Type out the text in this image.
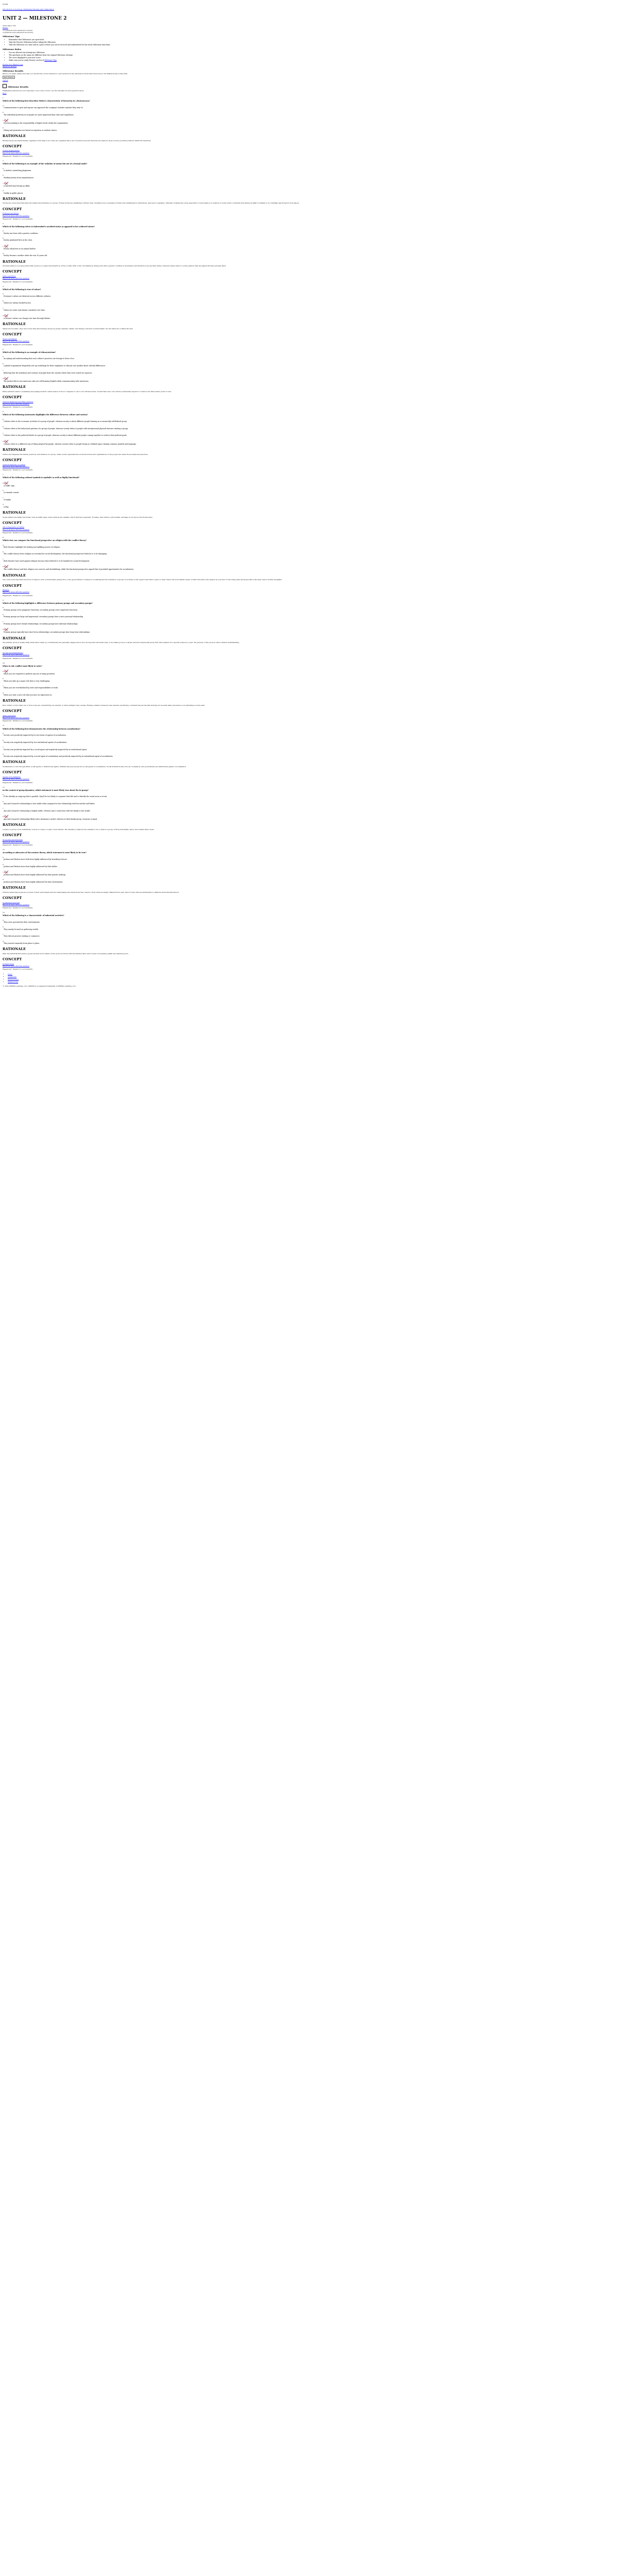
Sophia
Introduction to Sociology: Embracing Diversity and Collaboration
UNIT 2 — MILESTONE 2
20/23 that's 73%
Printer
16 questions were answered correctly.
4 questions were answered incorrectly.
Milestone Tips
• Remember that Milestones are open-book.
• Take the Practice Milestone before taking the Milestone.
• Take the Milestone at a time and in a place where you can be focused and undisturbed for the entire Milestone time limit.
Milestone Rules
• You are allowed one attempt per Milestone.
• The questions on the exam are different from the original Milestone attempt.
• The score displayed is your new score.
• Make sure you're ready. Review our list of Milestone Tips
Double Your Mastery type
Milestone Results
Milestone Results

Before you begin, please note that you can find the correct answers to each question in the rationale sections that follow below. The Milestone has a time limit.

Start Review
Cancel
Milestone Results

Highlighted answers are your responses. If you were correct, see the rationale for each question below.

Back
1
Which of the following best describes Weber's characteristic of hierarchy in a bureaucracy?
a
Communication is open and anyone can approach the company's founder anytime they want to.
b
The individual preferences of people are more important than rules and regulations.
c
Decision-making is the responsibility of higher levels within the organization.
d
Hiring and promotion are based on nepotism or random chance.
RATIONALE
Bureaucracies are hierarchically organized, from high to low. They are organized like a set of nested boxes and decisions are made by those in more powerful positions within the hierarchy.
CONCEPT
Formal Organizations
Report an issue with this question
Hegemonic: Thanks for your feedback.
2
Which of the following is an example of the violation of norms but not of a formal mode?
a
A student committing plagiarism.
b
Stealing money from acquaintances.
c
A married man having an affair.
d
Nudity in public places.
RATIONALE
Norms are social rules that guide the beliefs and principles of a group. Formal norms are established, written rules. Violating a mos, meaning a formal norm established by institutions, may lead to penalties. Although violating the social expectation of monogamy is a violation of social norms, a married man having an affair is unlikely to be criminally sanctioned in most places.
CONCEPT
Folkways and Mores
Report an issue with this question
Hegemonic: Thanks for your feedback.
3
Which of the following refers to Dahrendorf's ascribed status as opposed to her achieved status?
a
Easley was born with a genetic condition.
b
Easley graduated first in the class.
c
Easley volunteers at an animal shelter.
d
Easley became a mother when she was 30 years old.
RATIONALE
Ascribed status is a social position that a person occupies involuntarily by virtue of their birth or life circumstances. Being born with a genetic condition is involuntary and therefore is an ascribed status. Achieved status refers to social positions that are gained through personal effort.
CONCEPT
Status and Roles
Report an issue with this question
Hegemonic: Thanks for your feedback.
4
Which of the following is true of values?
a
Everyone's values are identical across different cultures.
b
Values are always backed by law.
c
Values are static and remain consistent over time.
d
A Person's values can change over time through debate.
RATIONALE
Values are not static, they vary across time and between groups as people evaluate, debate, and change collective societal beliefs. Not all values are codified into law.
CONCEPT
Values and Beliefs
Report an issue with this question
Hegemonic: Thanks for your feedback.
5
Which of the following is an example of ethnocentrism?
a
Accepting and understanding that each culture's practices are foreign to those of us.
b
A global organization frequently sets up workshops for their employees to educate one another about cultural differences.
c
Believing that the traditions and customs of people from the country where they were raised are superior.
d
The pusher did its own American cake not self-learning English while communicating with Americans.
RATIONALE
Ethnocentrism refers to evaluating and judging another culture based on how it compares to one's own cultural norms. A belief that one's own culture is inherently superior to others is an ethnocentric point of view.
CONCEPT
Cultural Relativism and Ethnocentrism
Report an issue with this question
Hegemonic: Thanks for your feedback.
6
Which of the following statements highlights the difference between culture and society?
a
Culture refers to the economic activities of a group of people, whereas society is about different people forming an economically self-defined group.
b
Culture refers to the behavioral patterns of a group of people, whereas society refers to people with interpersonal physical features existing a group.
c
Culture refers to the political beliefs of a group of people, whereas society is about different people coming together to achieve their political goals.
d
Culture refers to a different way of living adopted by people, whereas society refers to people living in a defined space sharing common symbols and language.
RATIONALE
Culture encompasses the beliefs, practices, and artifacts of a group, while society represents the social structures and organizations of the people who share those beliefs and practices.
CONCEPT
Cultural Elements of Culture
Report an issue with this question
Hegemonic: Thanks for your feedback.
7
Which of the following cultural symbols is symbolic as well as highly functional?
a
A traffic sign.
b
A romantic sonnet.
c
A trophy.
d
A flag.
RATIONALE
Some symbols are highly functional, such as traffic signs. Some symbols are valuable only in that they represent. Trophies, blue ribbons, gold medals, and flags do not have a functional value.
CONCEPT
The Components of Culture
Report an issue with this question
Hegemonic: Thanks for your feedback.
8
Which view can compare the functional perspective on religion with the conflict theory?
a
Both theories highlight the healing and uplifting powers of religion.
b
The conflict theory views religion as essential for social development, the functional perspective believes it to be damaging.
c
Both theories have used against religion because they believed it to be harmful for social development.
d
The conflict theory said that religion was coercive and destabilizing, while the functional perspective argued that it provided opportunities for socialization.
RATIONALE
One of the most important functions of religion, from a functionalist perspective, is the opportunities it creates for socializing and the formation of groups. It provides social support and offers a place to meet others who hold similar values. Conflict theorists view religion as a product of the ruling class and argue that it has been used to further inequality.
CONCEPT
Religion
Report an issue with this question
Hegemonic: Thanks for your feedback.
9
Which of the following highlights a difference between primary groups and secondary groups?
a
Primary groups serve pragmatic functions; secondary groups serve expressive functions.
b
Primary groups are large and impersonal; secondary groups have a more personal relationship.
c
Primary groups have formal relationships; secondary groups have informal relationships.
d
Primary groups typically have short-term relationships; secondary groups have long-term relationships.
RATIONALE
The primary group is usually fairly small and is made up of individuals who generally engage face-to-face in long-term emotional ways. A secondary group is a larger and more impersonal group that often gathers for a specific purpose or goal. The purpose of the group is often a shared understanding.
CONCEPT
Groups and Organizations
Report an issue with this question
Hegemonic: Thanks for your feedback.
10
When is role conflict most likely to arise?
a
When you are required to perform any one of many priorities.
b
When you take up a major role that is very challenging.
c
When you are overwhelmed by roles and responsibilities at work.
d
When you start a new role that you have no experience in.
RATIONALE
Role conflict occurs when one or more roles are contradicting one another or when multiple roles overlap. Finding a balance between roles requires prioritizing. A student may decide that studying for an exam takes precedence over attending a social event.
CONCEPT
Status and Roles
Report an issue with this question
Hegemonic: Thanks for your feedback.
11
Which of the following best demonstrates the relationship between socialization?
a
Society uses positively impacted by its two forms of agents of socialization.
b
Society was negatively impacted by two institutional agents of socialization.
c
Society was positively impacted by a social agent and negatively impacted by an institutional agent.
d
Society was negatively impacted by a social agent of socialization and positively impacted by an institutional agent of socialization.
RATIONALE
Socialization occurs through either social agents or institutional agents. Families and peer groups are social agents of socialization. Social institutions like schools, workplaces, and governments are institutional agents of socialization.
CONCEPT
Agents of Socialization
Report an issue with this question
Hegemonic: Thanks for your feedback.
12
In the context of group dynamics, which statement is most likely true about the in-group?
a
If the identify an outgroup that is parallel, they'll be less likely to organize their life and to identify the social norm or event.
b
Ana and Leonard's relationships is less stable when compared to her relationship with her mother and father.
c
Ana and Leonard's relationship is highly stable, whereas Ann's connection with her family is less stable.
d
Ana and Leonard's relationship likely took a dominance model, whereas in their family group, everyone is equal.
RATIONALE
A dyad is a group of two individuals, such as a couple or a pair of best friends. The intensity is high but the stability is low. A triad is a group of three individuals, and is more stable than a dyad.
CONCEPT
Group Size and Structure
Report an issue with this question
Hegemonic: Thanks for your feedback.
13
According to advocates of the nurture theory, which statement is most likely to be true?
a
Jackson and Hudson have both been highly influenced by hereditary factors.
b
Jackson and Hudson have been highly influenced by their father.
c
Jackson and Hudson have been highly influenced by their genetic makeup.
d
Jackson and Hudson have been highly influenced by their environment.
RATIONALE
Nurture states that people are a result of their environment and the relationships and interactions they observe. Even twins are highly different from each other in ways that are attributable to different environmental factors.
CONCEPT
Socialization and Self
Report an issue with this question
Hegemonic: Thanks for your feedback.
14
Which of the following is a characteristic of industrial societies?
a
They were governed by their environments.
b
They mainly focused on gathering wealth.
c
They did not practice trading or commerce.
d
They moved commonly from place to place.
RATIONALE
After the Industrial Revolution, people became more reliant on the goods produced with mechanized labor and focused on acquiring wealth and material goods.
CONCEPT
Societal Types
Report an issue with this question
Hegemonic: Thanks for your feedback.
• Home
• Contact Us
• Privacy Policy
• Terms of Use
© 2023 SOPHIA Learning, LLC. SOPHIA is a registered trademark of SOPHIA Learning, LLC.
